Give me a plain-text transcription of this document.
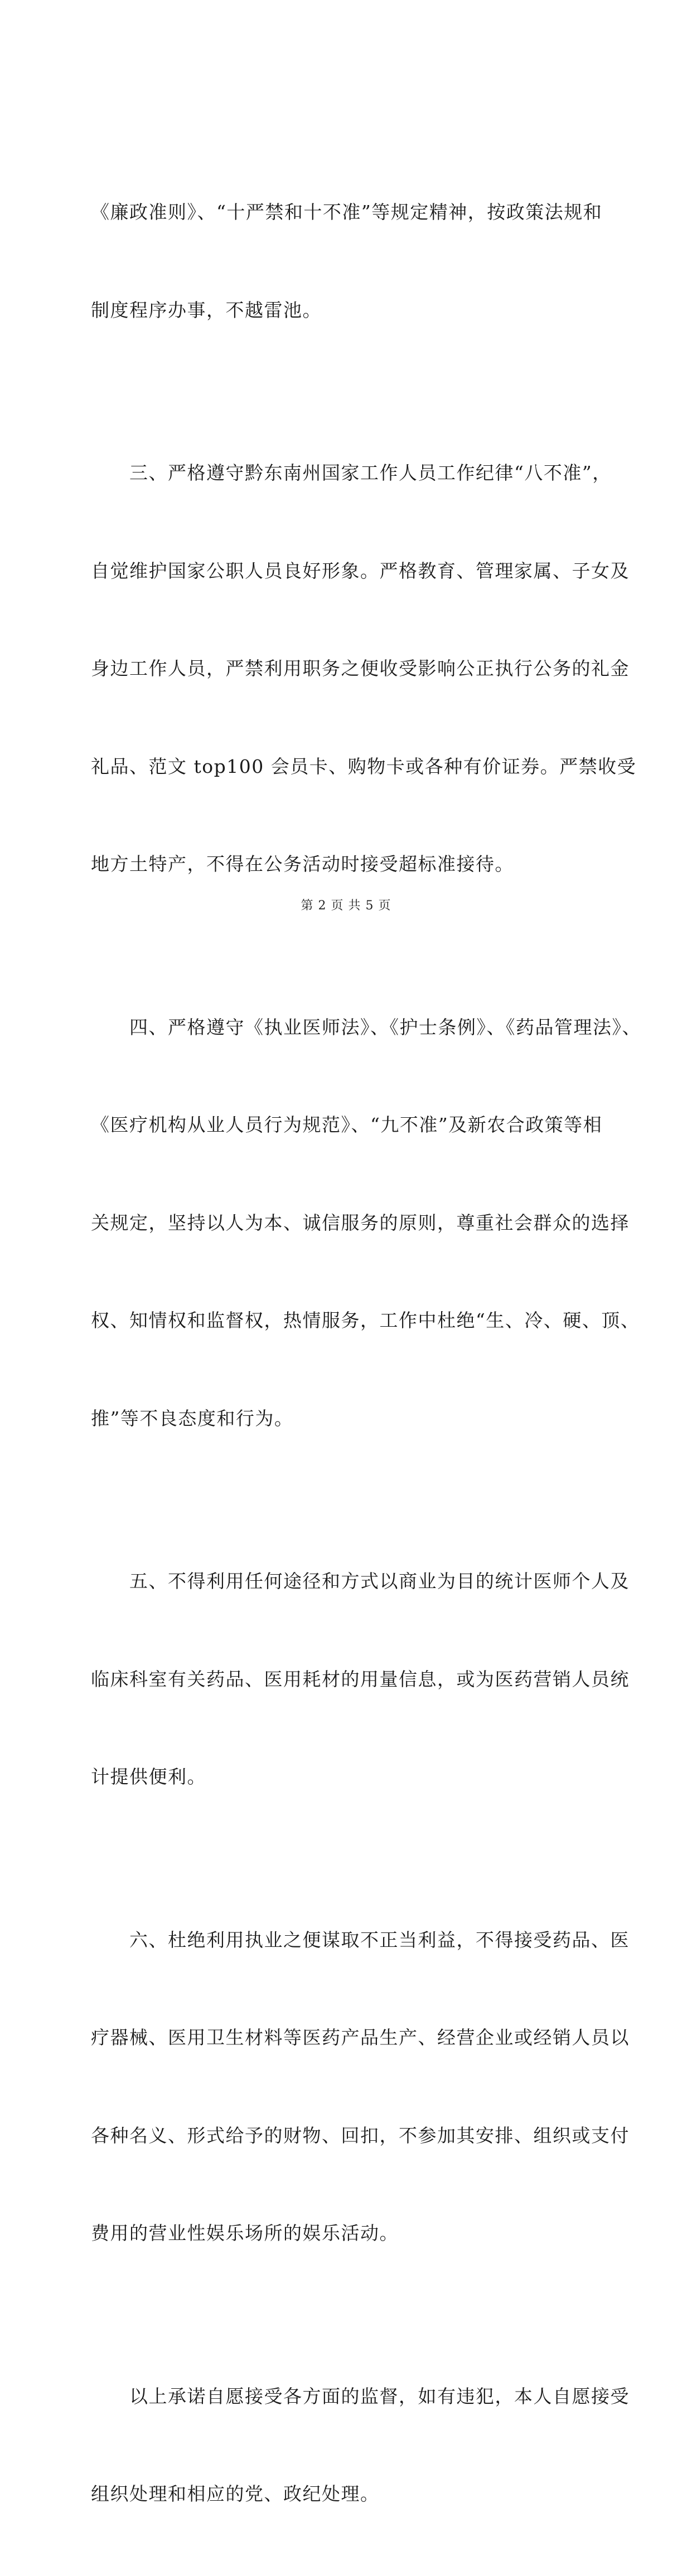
《廉政准则》、“十严禁和十不准”等规定精神，按政策法规和

制度程序办事，不越雷池。

　　三、严格遵守黔东南州国家工作人员工作纪律“八不准”，

自觉维护国家公职人员良好形象。严格教育、管理家属、子女及

身边工作人员，严禁利用职务之便收受影响公正执行公务的礼金

礼品、范文 top100 会员卡、购物卡或各种有价证券。严禁收受

地方土特产，不得在公务活动时接受超标准接待。

　　四、严格遵守《执业医师法》、《护士条例》、《药品管理法》、

《医疗机构从业人员行为规范》、“九不准”及新农合政策等相

关规定，坚持以人为本、诚信服务的原则，尊重社会群众的选择

权、知情权和监督权，热情服务，工作中杜绝“生、冷、硬、顶、

推”等不良态度和行为。

　　五、不得利用任何途径和方式以商业为目的统计医师个人及

临床科室有关药品、医用耗材的用量信息，或为医药营销人员统

计提供便利。

　　六、杜绝利用执业之便谋取不正当利益，不得接受药品、医

疗器械、医用卫生材料等医药产品生产、经营企业或经销人员以

各种名义、形式给予的财物、回扣，不参加其安排、组织或支付

费用的营业性娱乐场所的娱乐活动。

　　以上承诺自愿接受各方面的监督，如有违犯，本人自愿接受

组织处理和相应的党、政纪处理。

第 2 页 共 5 页
